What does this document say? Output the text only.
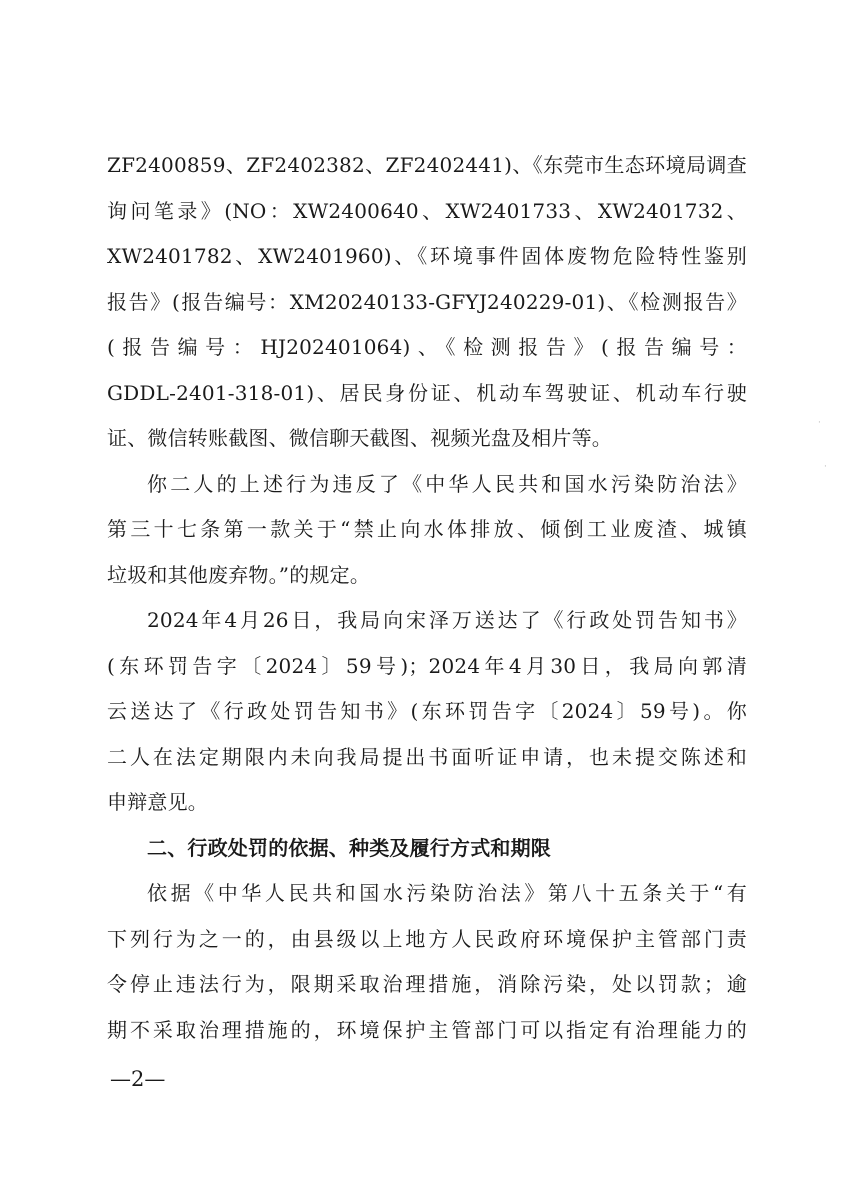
ZF2400859、ZF2402382、ZF2402441)、《东莞市生态环境局调查
询问笔录》(NO：XW2400640、XW2401733、XW2401732、
XW2401782、XW2401960)、《环境事件固体废物危险特性鉴别
报告》(报告编号：XM20240133-GFYJ240229-01)、《检测报告》
(报告编号：HJ202401064)、《检测报告》(报告编号：
GDDL-2401-318-01)、居民身份证、机动车驾驶证、机动车行驶
证、微信转账截图、微信聊天截图、视频光盘及相片等。
你二人的上述行为违反了《中华人民共和国水污染防治法》
第三十七条第一款关于“禁止向水体排放、倾倒工业废渣、城镇
垃圾和其他废弃物。”的规定。
2024年4月26日，我局向宋泽万送达了《行政处罚告知书》
(东环罚告字〔2024〕59号)；2024年4月30日，我局向郭清
云送达了《行政处罚告知书》(东环罚告字〔2024〕59号)。你
二人在法定期限内未向我局提出书面听证申请，也未提交陈述和
申辩意见。
二、行政处罚的依据、种类及履行方式和期限
依据《中华人民共和国水污染防治法》第八十五条关于“有
下列行为之一的，由县级以上地方人民政府环境保护主管部门责
令停止违法行为，限期采取治理措施，消除污染，处以罚款；逾
期不采取治理措施的，环境保护主管部门可以指定有治理能力的
·
·
—2—
